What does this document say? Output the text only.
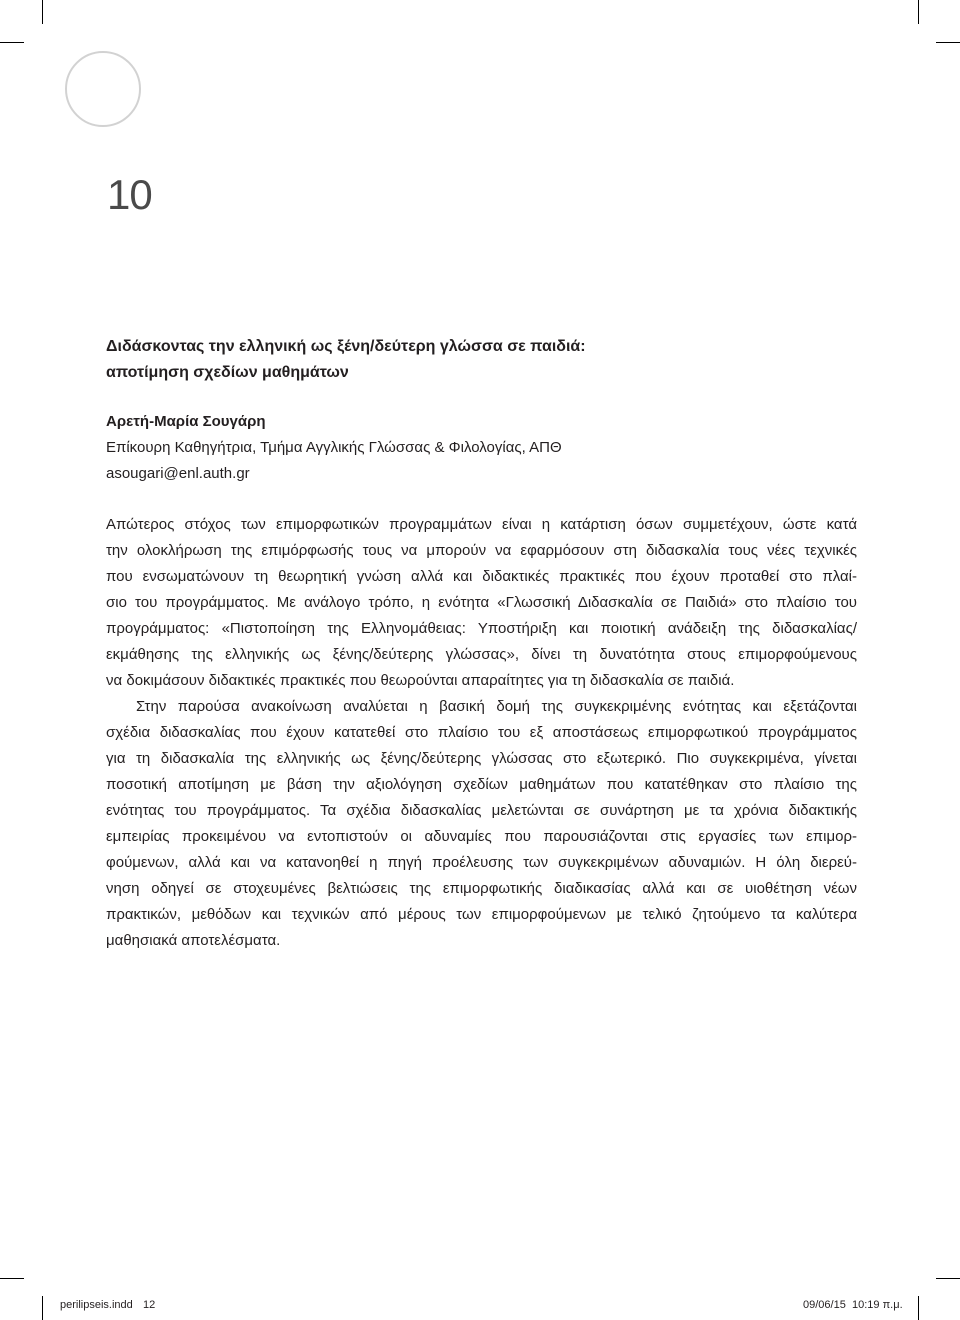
10
Διδάσκοντας την ελληνική ως ξένη/δεύτερη γλώσσα σε παιδιά:
αποτίμηση σχεδίων μαθημάτων
Αρετή-Μαρία Σουγάρη
Επίκουρη Καθηγήτρια, Τμήμα Αγγλικής Γλώσσας & Φιλολογίας, ΑΠΘ
asougari@enl.auth.gr
Απώτερος στόχος των επιμορφωτικών προγραμμάτων είναι η κατάρτιση όσων συμμετέχουν, ώστε κατά
την ολοκλήρωση της επιμόρφωσής τους να μπορούν να εφαρμόσουν στη διδασκαλία τους νέες τεχνικές
που ενσωματώνουν τη θεωρητική γνώση αλλά και διδακτικές πρακτικές που έχουν προταθεί στο πλαί-
σιο του προγράμματος. Με ανάλογο τρόπο, η ενότητα «Γλωσσική Διδασκαλία σε Παιδιά» στο πλαίσιο του
προγράμματος: «Πιστοποίηση της Ελληνομάθειας: Υποστήριξη και ποιοτική ανάδειξη της διδασκαλίας/
εκμάθησης της ελληνικής ως ξένης/δεύτερης γλώσσας», δίνει τη δυνατότητα στους επιμορφούμενους
να δοκιμάσουν διδακτικές πρακτικές που θεωρούνται απαραίτητες για τη διδασκαλία σε παιδιά.
Στην παρούσα ανακοίνωση αναλύεται η βασική δομή της συγκεκριμένης ενότητας και εξετάζονται
σχέδια διδασκαλίας που έχουν κατατεθεί στο πλαίσιο του εξ αποστάσεως επιμορφωτικού προγράμματος
για τη διδασκαλία της ελληνικής ως ξένης/δεύτερης γλώσσας στο εξωτερικό. Πιο συγκεκριμένα, γίνεται
ποσοτική αποτίμηση με βάση την αξιολόγηση σχεδίων μαθημάτων που κατατέθηκαν στο πλαίσιο της
ενότητας του προγράμματος. Τα σχέδια διδασκαλίας μελετώνται σε συνάρτηση με τα χρόνια διδακτικής
εμπειρίας προκειμένου να εντοπιστούν οι αδυναμίες που παρουσιάζονται στις εργασίες των επιμορ-
φούμενων, αλλά και να κατανοηθεί η πηγή προέλευσης των συγκεκριμένων αδυναμιών. Η όλη διερεύ-
νηση οδηγεί σε στοχευμένες βελτιώσεις της επιμορφωτικής διαδικασίας αλλά και σε υιοθέτηση νέων
πρακτικών, μεθόδων και τεχνικών από μέρους των επιμορφούμενων με τελικό ζητούμενο τα καλύτερα
μαθησιακά αποτελέσματα.
perilipseis.indd 12	09/06/15 10:19 π.μ.
